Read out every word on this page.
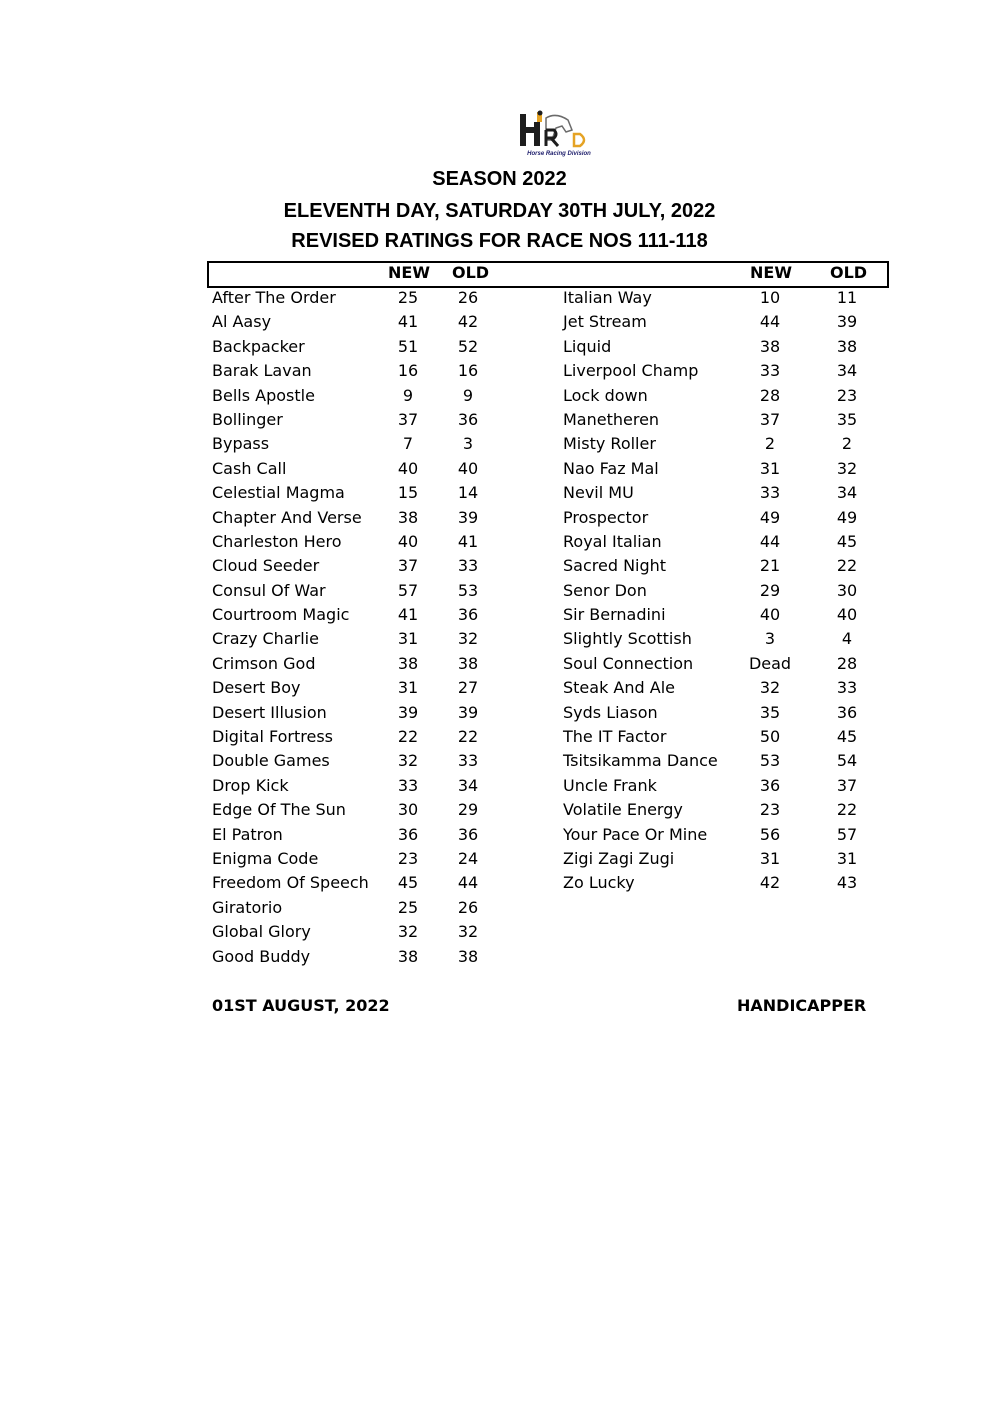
Horse Racing Division
SEASON 2022
ELEVENTH DAY, SATURDAY 30TH JULY, 2022
REVISED RATINGS FOR RACE NOS 111-118
NEW OLD	NEW OLD
After The Order	25	26
Al Aasy	41	42
Backpacker	51	52
Barak Lavan	16	16
Bells Apostle	9	9
Bollinger	37	36
Bypass	7	3
Cash Call	40	40
Celestial Magma	15	14
Chapter And Verse	38	39
Charleston Hero	40	41
Cloud Seeder	37	33
Consul Of War	57	53
Courtroom Magic	41	36
Crazy Charlie	31	32
Crimson God	38	38
Desert Boy	31	27
Desert Illusion	39	39
Digital Fortress	22	22
Double Games	32	33
Drop Kick	33	34
Edge Of The Sun	30	29
El Patron	36	36
Enigma Code	23	24
Freedom Of Speech	45	44
Giratorio	25	26
Global Glory	32	32
Good Buddy	38	38
Italian Way	10	11
Jet Stream	44	39
Liquid	38	38
Liverpool Champ	33	34
Lock down	28	23
Manetheren	37	35
Misty Roller	2	2
Nao Faz Mal	31	32
Nevil MU	33	34
Prospector	49	49
Royal Italian	44	45
Sacred Night	21	22
Senor Don	29	30
Sir Bernadini	40	40
Slightly Scottish	3	4
Soul Connection	Dead	28
Steak And Ale	32	33
Syds Liason	35	36
The IT Factor	50	45
Tsitsikamma Dance	53	54
Uncle Frank	36	37
Volatile Energy	23	22
Your Pace Or Mine	56	57
Zigi Zagi Zugi	31	31
Zo Lucky	42	43
01ST AUGUST, 2022	HANDICAPPER
